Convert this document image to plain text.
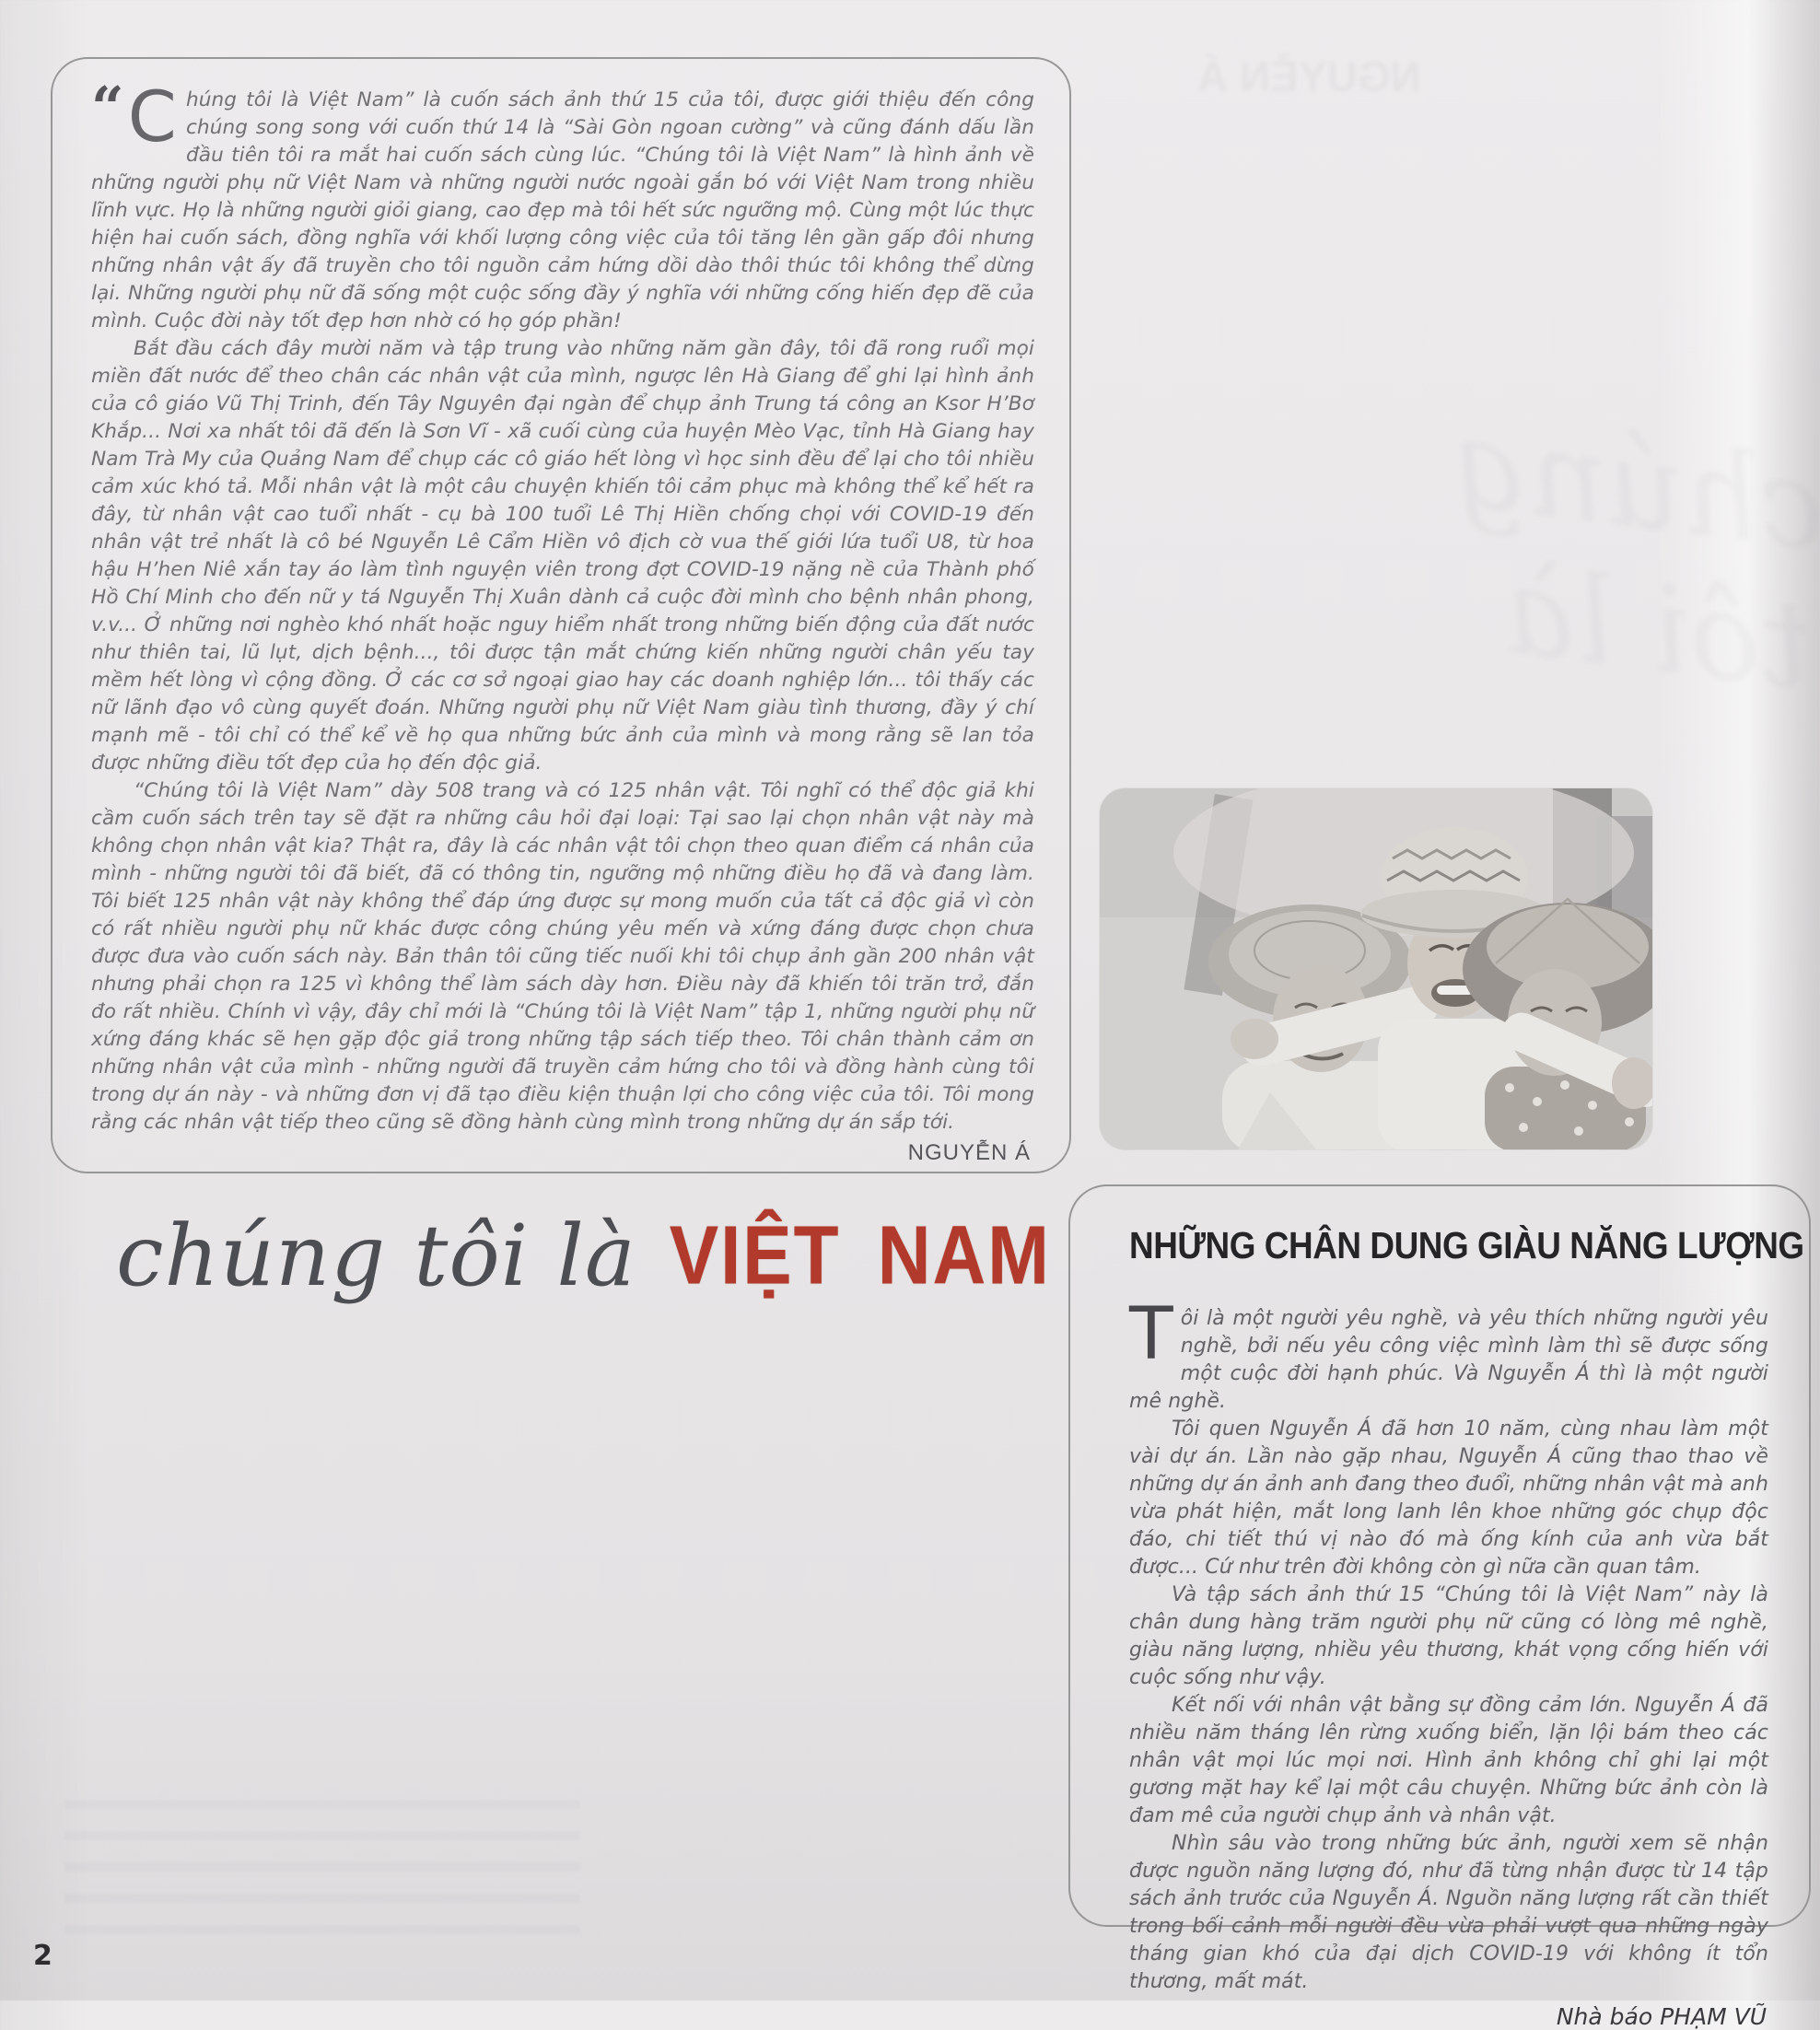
NGUYỄN Á

“ C húng tôi là Việt Nam” là cuốn sách ảnh thứ 15 của tôi, được giới thiệu đến công chúng song song với cuốn thứ 14 là “Sài Gòn ngoan cường” và cũng đánh dấu lần đầu tiên tôi ra mắt hai cuốn sách cùng lúc. “Chúng tôi là Việt Nam” là hình ảnh về những người phụ nữ Việt Nam và những người nước ngoài gắn bó với Việt Nam trong nhiều lĩnh vực. Họ là những người giỏi giang, cao đẹp mà tôi hết sức ngưỡng mộ. Cùng một lúc thực hiện hai cuốn sách, đồng nghĩa với khối lượng công việc của tôi tăng lên gần gấp đôi nhưng những nhân vật ấy đã truyền cho tôi nguồn cảm hứng dồi dào thôi thúc tôi không thể dừng lại. Những người phụ nữ đã sống một cuộc sống đầy ý nghĩa với những cống hiến đẹp đẽ của mình. Cuộc đời này tốt đẹp hơn nhờ có họ góp phần!

Bắt đầu cách đây mười năm và tập trung vào những năm gần đây, tôi đã rong ruổi mọi miền đất nước để theo chân các nhân vật của mình, ngược lên Hà Giang để ghi lại hình ảnh của cô giáo Vũ Thị Trinh, đến Tây Nguyên đại ngàn để chụp ảnh Trung tá công an Ksor H’Bơ Khắp... Nơi xa nhất tôi đã đến là Sơn Vĩ - xã cuối cùng của huyện Mèo Vạc, tỉnh Hà Giang hay Nam Trà My của Quảng Nam để chụp các cô giáo hết lòng vì học sinh đều để lại cho tôi nhiều cảm xúc khó tả. Mỗi nhân vật là một câu chuyện khiến tôi cảm phục mà không thể kể hết ra đây, từ nhân vật cao tuổi nhất - cụ bà 100 tuổi Lê Thị Hiền chống chọi với COVID-19 đến nhân vật trẻ nhất là cô bé Nguyễn Lê Cẩm Hiền vô địch cờ vua thế giới lứa tuổi U8, từ hoa hậu H’hen Niê xắn tay áo làm tình nguyện viên trong đợt COVID-19 nặng nề của Thành phố Hồ Chí Minh cho đến nữ y tá Nguyễn Thị Xuân dành cả cuộc đời mình cho bệnh nhân phong, v.v... Ở những nơi nghèo khó nhất hoặc nguy hiểm nhất trong những biến động của đất nước như thiên tai, lũ lụt, dịch bệnh..., tôi được tận mắt chứng kiến những người chân yếu tay mềm hết lòng vì cộng đồng. Ở các cơ sở ngoại giao hay các doanh nghiệp lớn... tôi thấy các nữ lãnh đạo vô cùng quyết đoán. Những người phụ nữ Việt Nam giàu tình thương, đầy ý chí mạnh mẽ - tôi chỉ có thể kể về họ qua những bức ảnh của mình và mong rằng sẽ lan tỏa được những điều tốt đẹp của họ đến độc giả.

“Chúng tôi là Việt Nam” dày 508 trang và có 125 nhân vật. Tôi nghĩ có thể độc giả khi cầm cuốn sách trên tay sẽ đặt ra những câu hỏi đại loại: Tại sao lại chọn nhân vật này mà không chọn nhân vật kia? Thật ra, đây là các nhân vật tôi chọn theo quan điểm cá nhân của mình - những người tôi đã biết, đã có thông tin, ngưỡng mộ những điều họ đã và đang làm. Tôi biết 125 nhân vật này không thể đáp ứng được sự mong muốn của tất cả độc giả vì còn có rất nhiều người phụ nữ khác được công chúng yêu mến và xứng đáng được chọn chưa được đưa vào cuốn sách này. Bản thân tôi cũng tiếc nuối khi tôi chụp ảnh gần 200 nhân vật nhưng phải chọn ra 125 vì không thể làm sách dày hơn. Điều này đã khiến tôi trăn trở, đắn đo rất nhiều. Chính vì vậy, đây chỉ mới là “Chúng tôi là Việt Nam” tập 1, những người phụ nữ xứng đáng khác sẽ hẹn gặp độc giả trong những tập sách tiếp theo. Tôi chân thành cảm ơn những nhân vật của mình - những người đã truyền cảm hứng cho tôi và đồng hành cùng tôi trong dự án này - và những đơn vị đã tạo điều kiện thuận lợi cho công việc của tôi. Tôi mong rằng các nhân vật tiếp theo cũng sẽ đồng hành cùng mình trong những dự án sắp tới.

NGUYỄN Á
chúng tôi là VIỆT NAM NHỮNG CHÂN DUNG GIÀU NĂNG LƯỢNG

Tôi là một người yêu nghề, và yêu thích những người yêu nghề, bởi nếu yêu công việc mình làm thì sẽ được sống một cuộc đời hạnh phúc. Và Nguyễn Á thì là một người mê nghề.

Tôi quen Nguyễn Á đã hơn 10 năm, cùng nhau làm một vài dự án. Lần nào gặp nhau, Nguyễn Á cũng thao thao về những dự án ảnh anh đang theo đuổi, những nhân vật mà anh vừa phát hiện, mắt long lanh lên khoe những góc chụp độc đáo, chi tiết thú vị nào đó mà ống kính của anh vừa bắt được... Cứ như trên đời không còn gì nữa cần quan tâm.

Và tập sách ảnh thứ 15 “Chúng tôi là Việt Nam” này là chân dung hàng trăm người phụ nữ cũng có lòng mê nghề, giàu năng lượng, nhiều yêu thương, khát vọng cống hiến với cuộc sống như vậy.

Kết nối với nhân vật bằng sự đồng cảm lớn. Nguyễn Á đã nhiều năm tháng lên rừng xuống biển, lặn lội bám theo các nhân vật mọi lúc mọi nơi. Hình ảnh không chỉ ghi lại một gương mặt hay kể lại một câu chuyện. Những bức ảnh còn là đam mê của người chụp ảnh và nhân vật.

Nhìn sâu vào trong những bức ảnh, người xem sẽ nhận được nguồn năng lượng đó, như đã từng nhận được từ 14 tập sách ảnh trước của Nguyễn Á. Nguồn năng lượng rất cần thiết trong bối cảnh mỗi người đều vừa phải vượt qua những ngày tháng gian khó của đại dịch COVID-19 với không ít tổn thương, mất mát.

Nhà báo PHẠM VŨ
2
